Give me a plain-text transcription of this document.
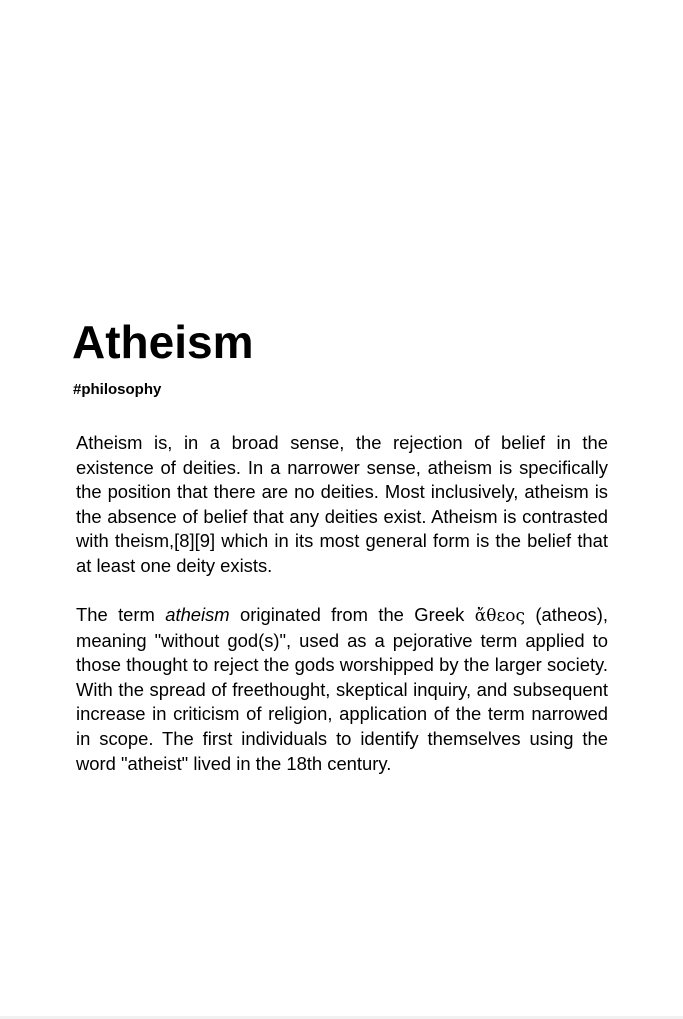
Atheism
#philosophy

Atheism is, in a broad sense, the rejection of belief in the existence of deities. In a narrower sense, atheism is specifically the position that there are no deities. Most inclusively, atheism is the absence of belief that any deities exist. Atheism is contrasted with theism,[8][9] which in its most general form is the belief that at least one deity exists.

The term atheism originated from the Greek ἄθεος (atheos), meaning "without god(s)", used as a pejorative term applied to those thought to reject the gods worshipped by the larger society. With the spread of freethought, skeptical inquiry, and subsequent increase in criticism of religion, application of the term narrowed in scope. The first individuals to identify themselves using the word "atheist" lived in the 18th century.
